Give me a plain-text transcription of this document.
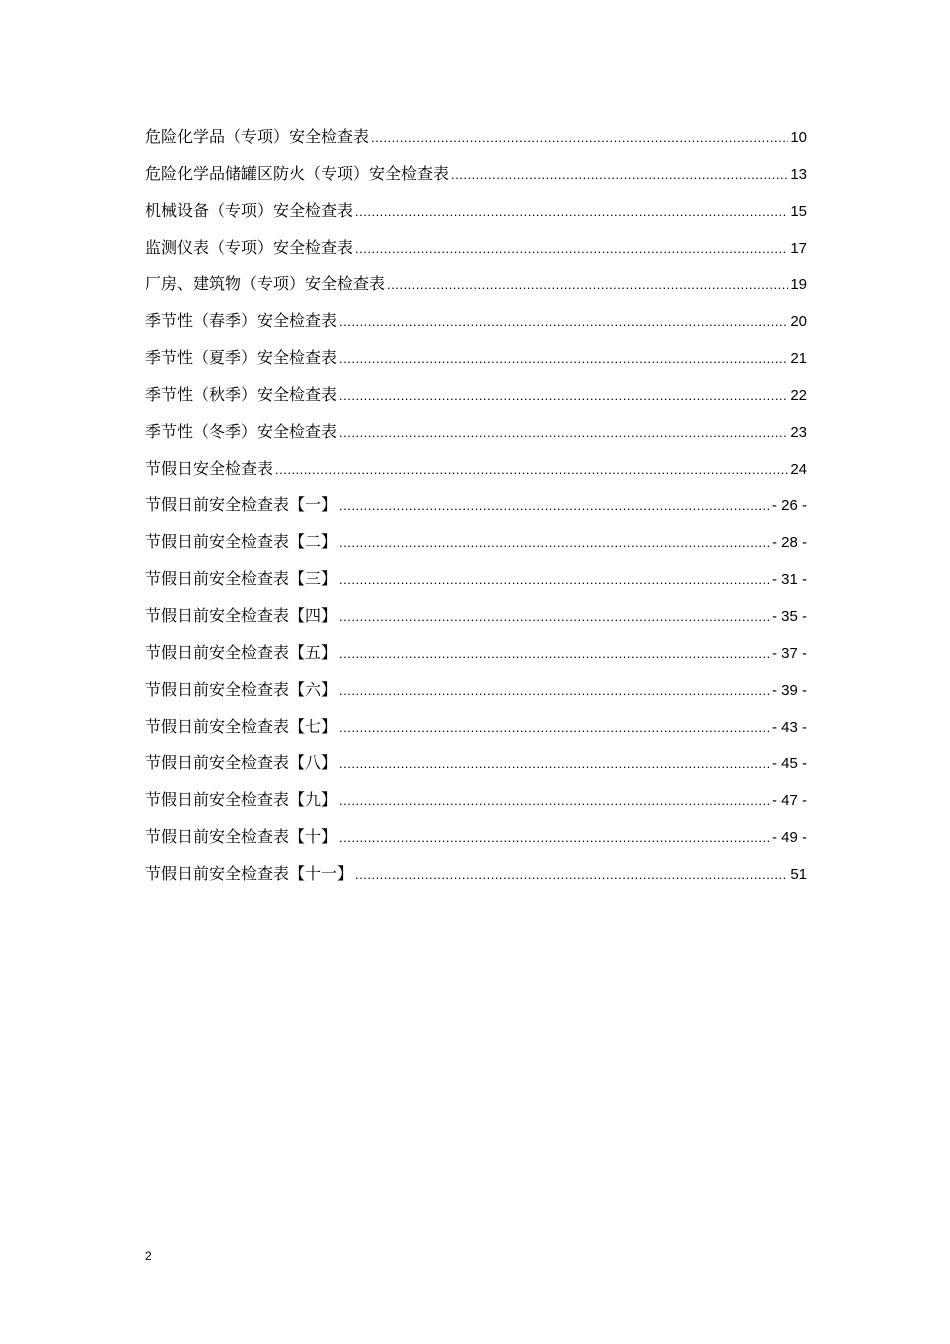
危险化学品（专项）安全检查表 .....	10
危险化学品储罐区防火（专项）安全检查表 .....	13
机械设备（专项）安全检查表 .....	15
监测仪表（专项）安全检查表 .....	17
厂房、建筑物（专项）安全检查表 .....	19
季节性（春季）安全检查表 .....	20
季节性（夏季）安全检查表 .....	21
季节性（秋季）安全检查表 .....	22
季节性（冬季）安全检查表 .....	23
节假日安全检查表 .....	24
节假日前安全检查表【一】 .....	- 26 -
节假日前安全检查表【二】 .....	- 28 -
节假日前安全检查表【三】 .....	- 31 -
节假日前安全检查表【四】 .....	- 35 -
节假日前安全检查表【五】 .....	- 37 -
节假日前安全检查表【六】 .....	- 39 -
节假日前安全检查表【七】 .....	- 43 -
节假日前安全检查表【八】 .....	- 45 -
节假日前安全检查表【九】 .....	- 47 -
节假日前安全检查表【十】 .....	- 49 -
节假日前安全检查表【十一】 .....	51
2
